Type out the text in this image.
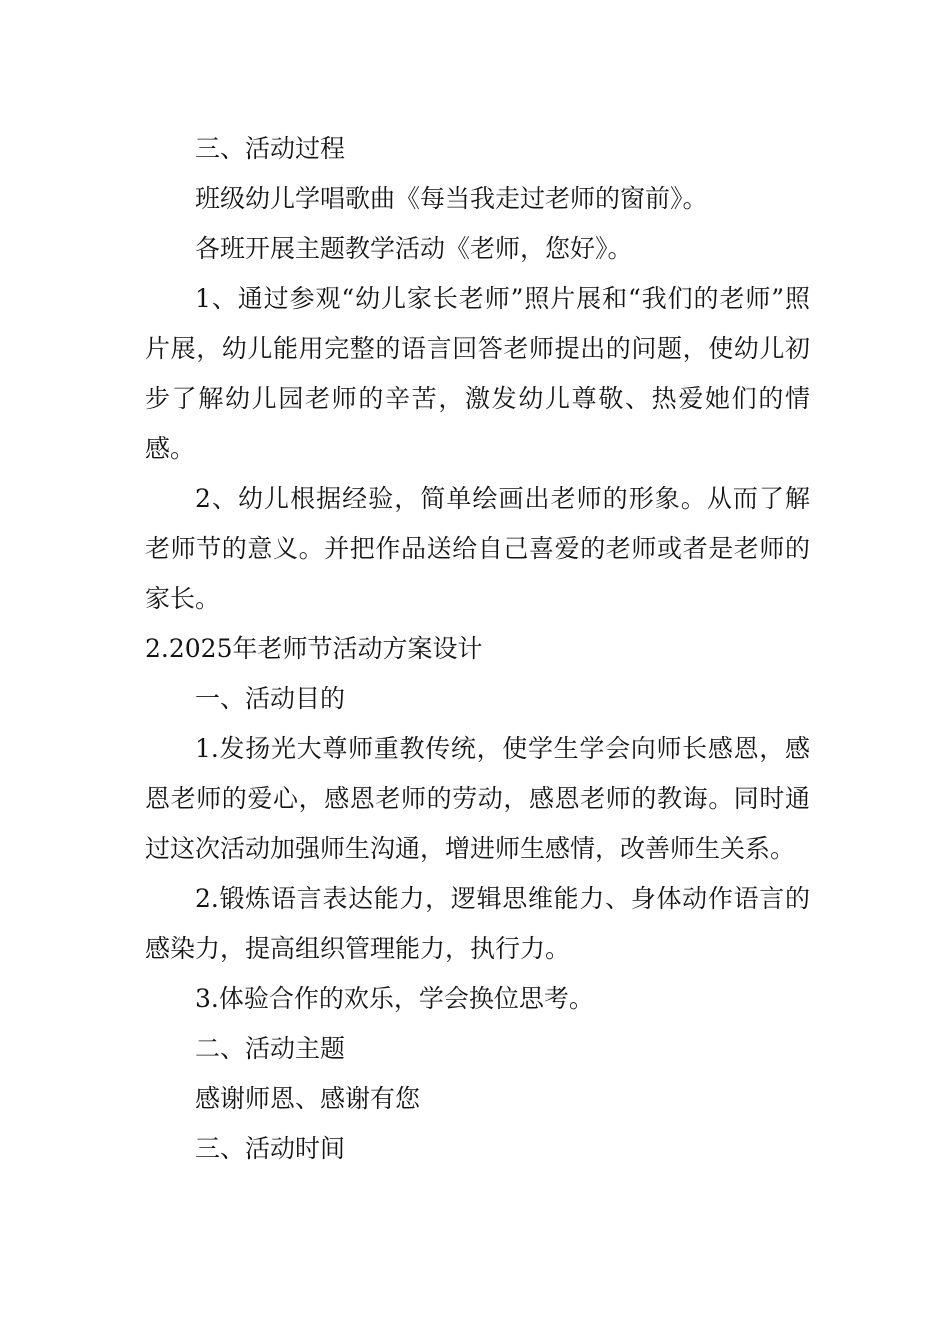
三、活动过程

班级幼儿学唱歌曲《每当我走过老师的窗前》。

各班开展主题教学活动《老师，您好》。

1、通过参观“幼儿家长老师”照片展和“我们的老师”照片展，幼儿能用完整的语言回答老师提出的问题，使幼儿初步了解幼儿园老师的辛苦，激发幼儿尊敬、热爱她们的情感。

2、幼儿根据经验，简单绘画出老师的形象。从而了解老师节的意义。并把作品送给自己喜爱的老师或者是老师的家长。

2.2025年老师节活动方案设计

一、活动目的

1.发扬光大尊师重教传统，使学生学会向师长感恩，感恩老师的爱心，感恩老师的劳动，感恩老师的教诲。同时通过这次活动加强师生沟通，增进师生感情，改善师生关系。

2.锻炼语言表达能力，逻辑思维能力、身体动作语言的感染力，提高组织管理能力，执行力。

3.体验合作的欢乐，学会换位思考。

二、活动主题

感谢师恩、感谢有您

三、活动时间
